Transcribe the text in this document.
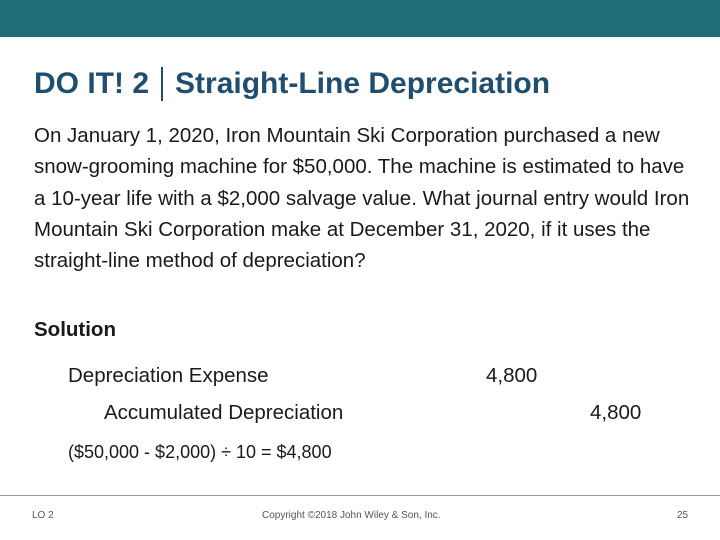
DO IT! 2 Straight-Line Depreciation
On January 1, 2020, Iron Mountain Ski Corporation purchased a new snow-grooming machine for $50,000. The machine is estimated to have a 10-year life with a $2,000 salvage value. What journal entry would Iron Mountain Ski Corporation make at December 31, 2020, if it uses the straight-line method of depreciation?
Solution
Depreciation Expense	4,800
Accumulated Depreciation	4,800
($50,000 - $2,000) ÷ 10 = $4,800
LO 2	Copyright ©2018 John Wiley & Son, Inc.	25
